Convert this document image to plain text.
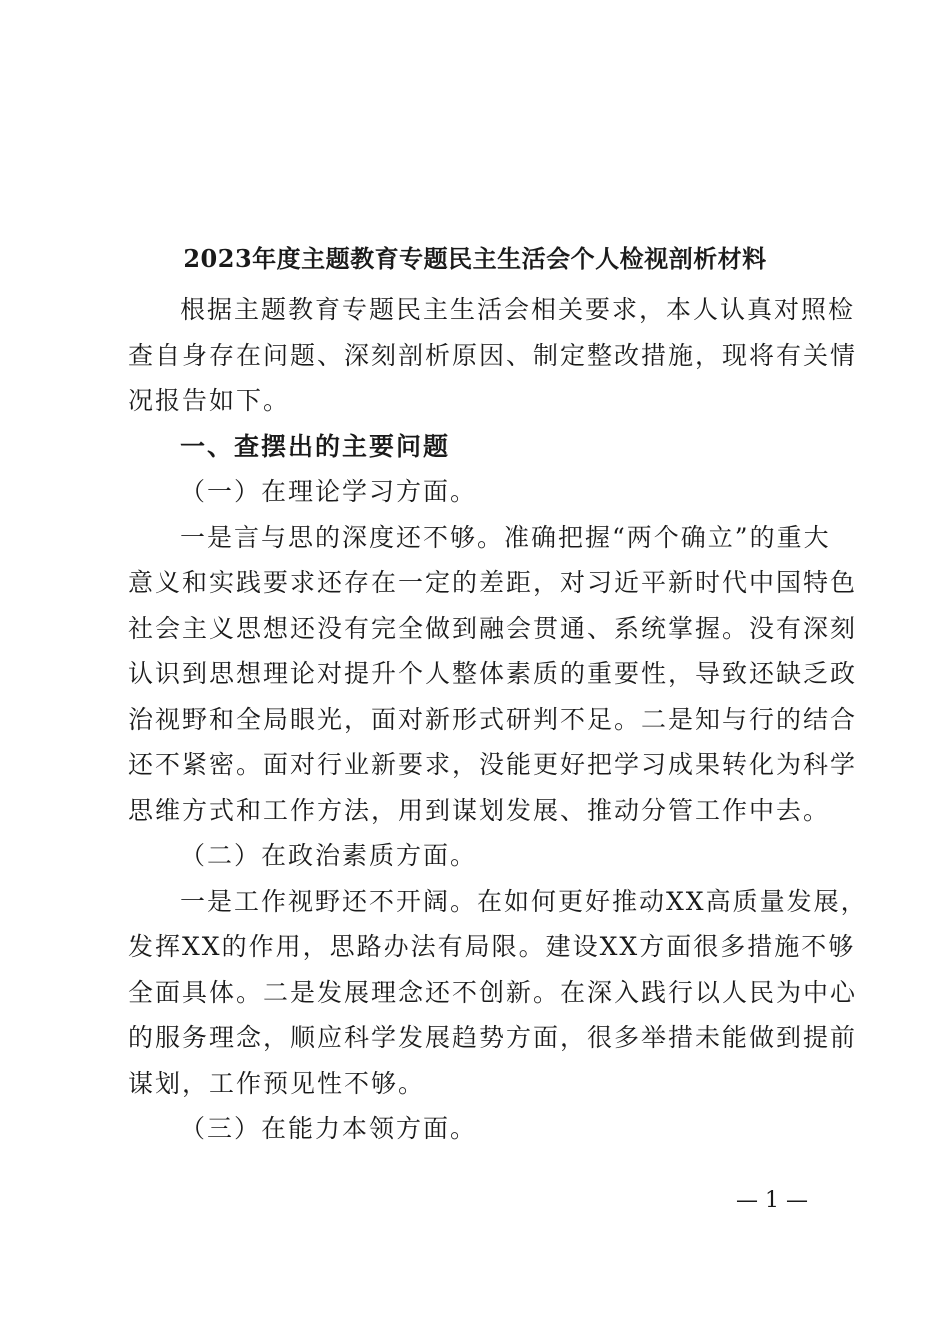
2023年度主题教育专题民主生活会个人检视剖析材料
根据主题教育专题民主生活会相关要求，本人认真对照检
查自身存在问题、深刻剖析原因、制定整改措施，现将有关情
况报告如下。
一、查摆出的主要问题
（一）在理论学习方面。
一是言与思的深度还不够。准确把握“两个确立”的重大
意义和实践要求还存在一定的差距，对习近平新时代中国特色
社会主义思想还没有完全做到融会贯通、系统掌握。没有深刻
认识到思想理论对提升个人整体素质的重要性，导致还缺乏政
治视野和全局眼光，面对新形式研判不足。二是知与行的结合
还不紧密。面对行业新要求，没能更好把学习成果转化为科学
思维方式和工作方法，用到谋划发展、推动分管工作中去。
（二）在政治素质方面。
一是工作视野还不开阔。在如何更好推动XX高质量发展，
发挥XX的作用，思路办法有局限。建设XX方面很多措施不够
全面具体。二是发展理念还不创新。在深入践行以人民为中心
的服务理念，顺应科学发展趋势方面，很多举措未能做到提前
谋划，工作预见性不够。
（三）在能力本领方面。
— 1 —
